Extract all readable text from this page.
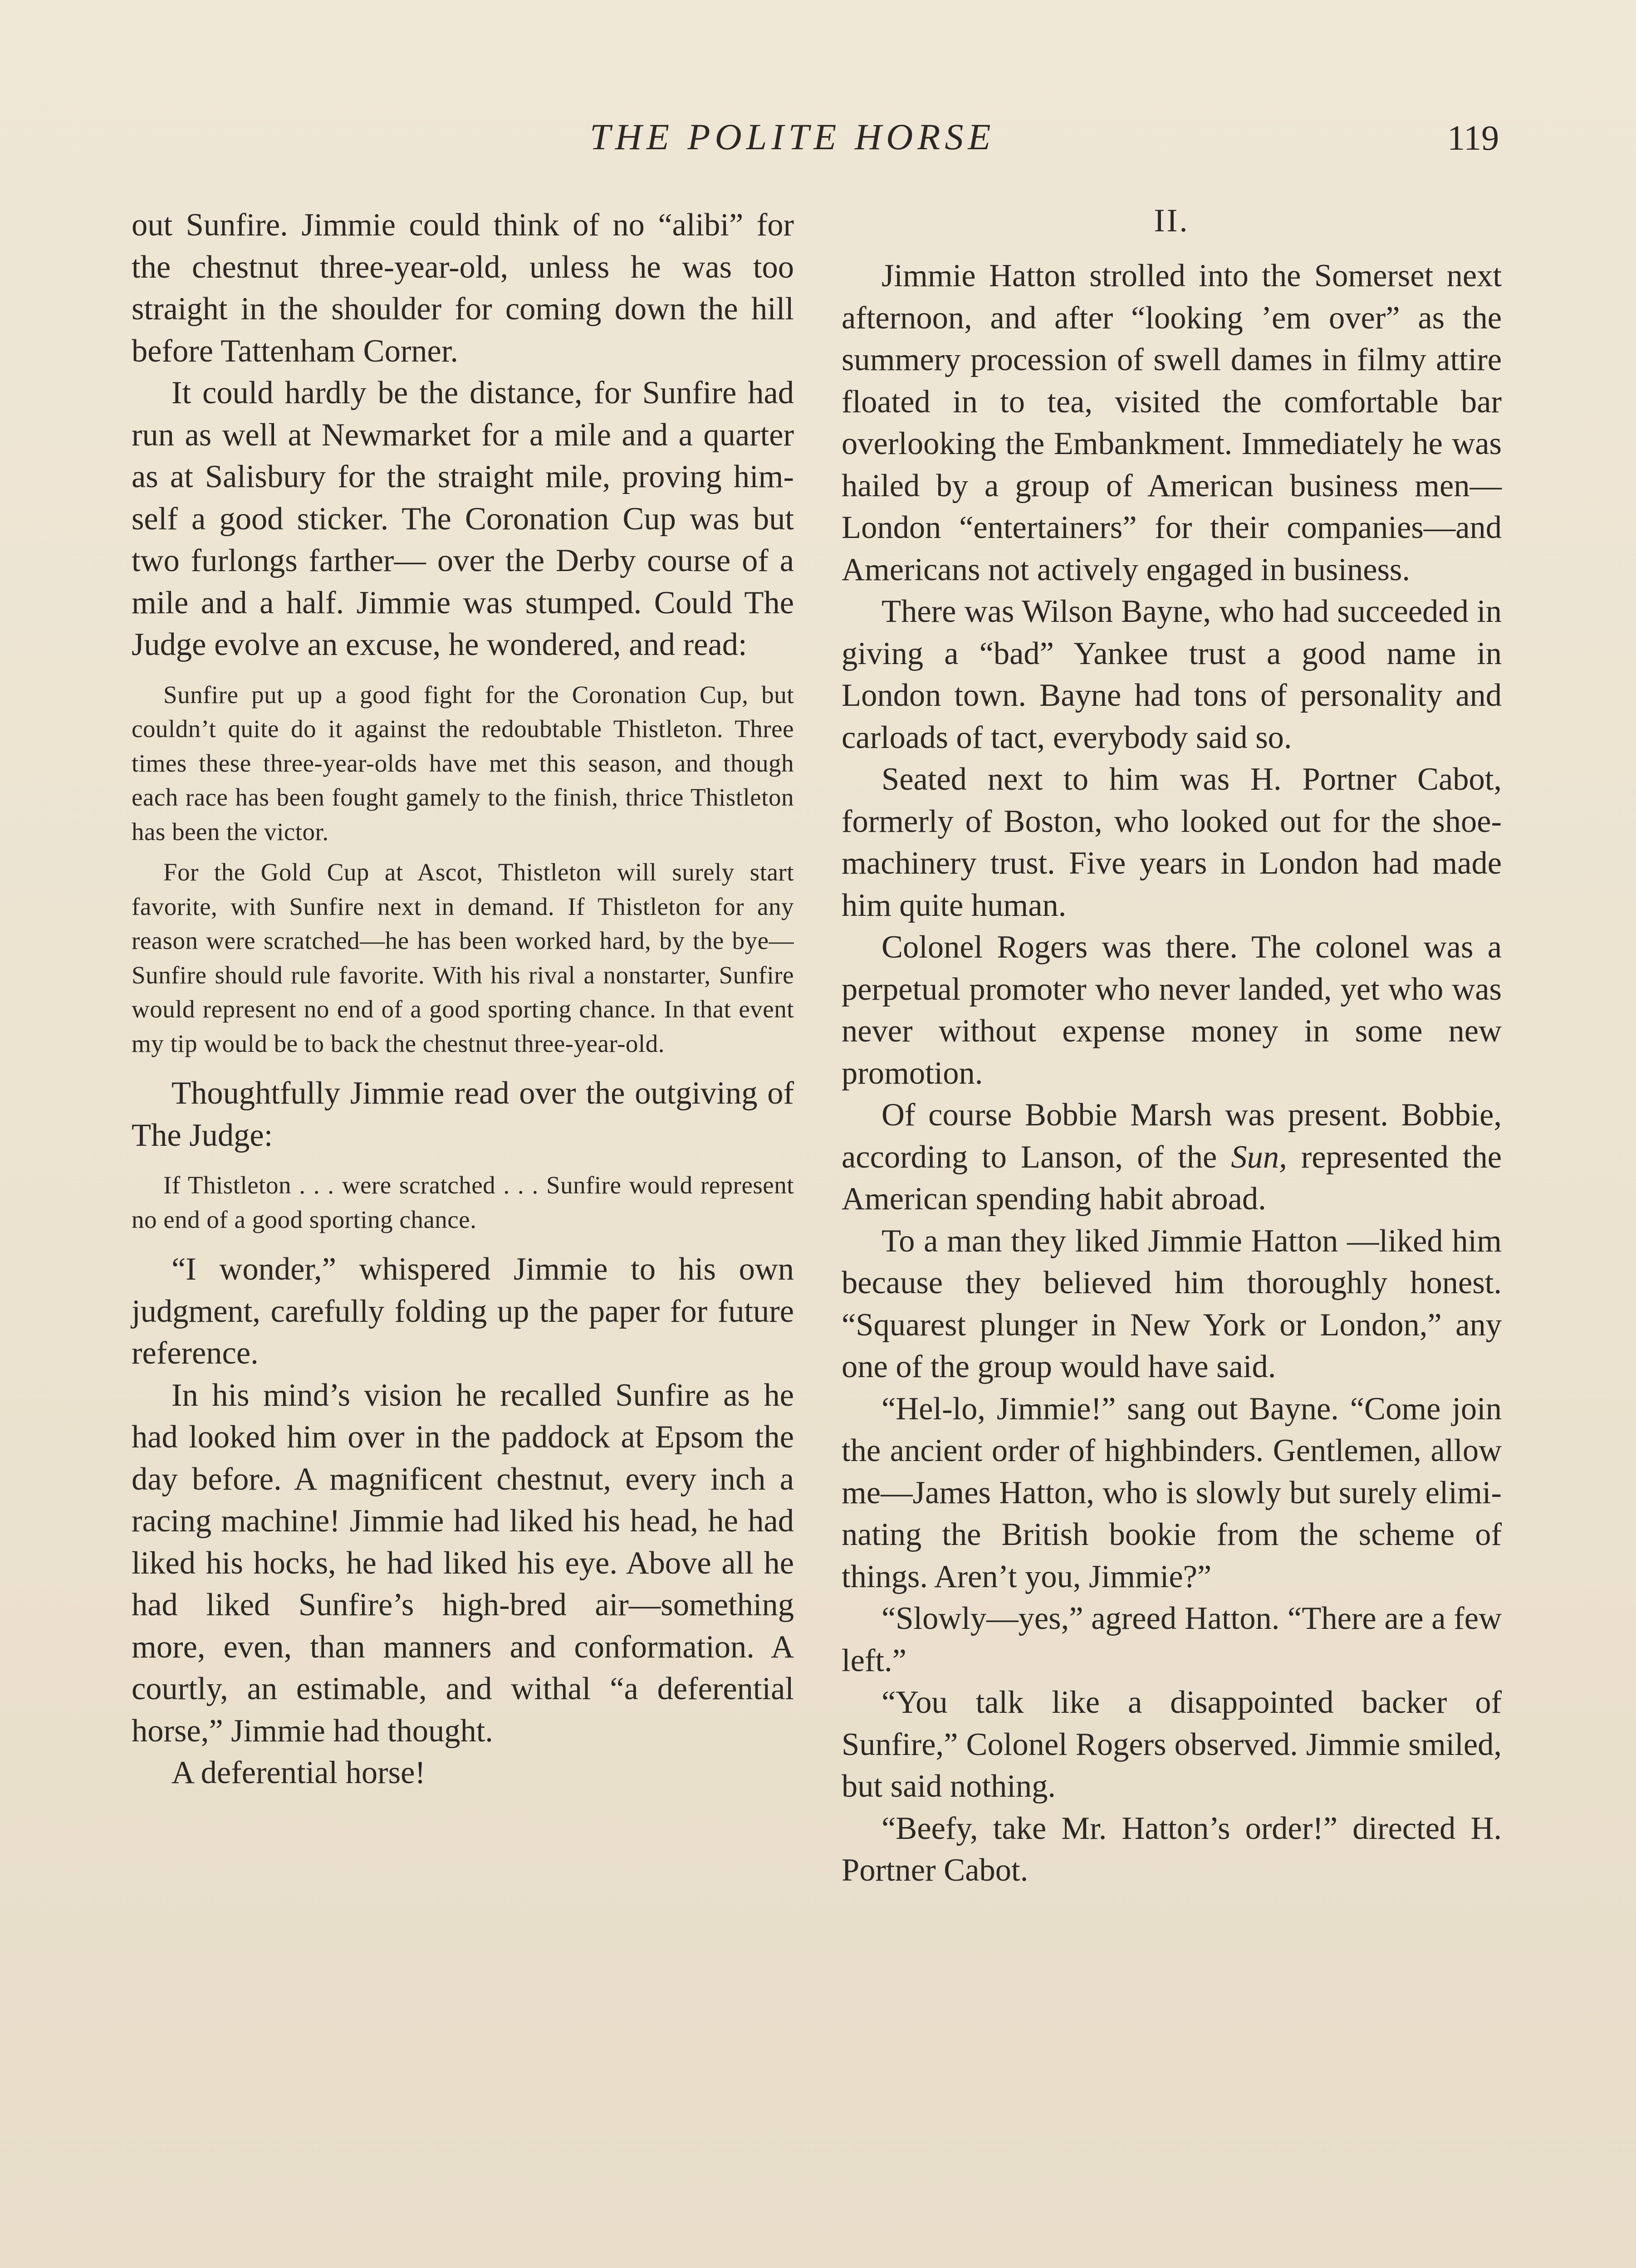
THE POLITE HORSE	119

out Sunfire. Jimmie could think of no “alibi” for the chestnut three-year-old, unless he was too straight in the shoulder for coming down the hill before Tattenham Corner.

It could hardly be the distance, for Sunfire had run as well at Newmarket for a mile and a quarter as at Salisbury for the straight mile, proving himself a good sticker. The Coronation Cup was but two furlongs farther— over the Derby course of a mile and a half. Jimmie was stumped. Could The Judge evolve an excuse, he wondered, and read:

Sunfire put up a good fight for the Coronation Cup, but couldn’t quite do it against the redoubtable Thistleton. Three times these three-year-olds have met this season, and though each race has been fought gamely to the finish, thrice Thistleton has been the victor.

For the Gold Cup at Ascot, Thistleton will surely start favorite, with Sunfire next in demand. If Thistleton for any reason were scratched—he has been worked hard, by the bye—Sunfire should rule favorite. With his rival a nonstarter, Sunfire would represent no end of a good sporting chance. In that event my tip would be to back the chestnut three-year-old.

Thoughtfully Jimmie read over the outgiving of The Judge:

If Thistleton . . . were scratched . . . Sunfire would represent no end of a good sporting chance.

“I wonder,” whispered Jimmie to his own judgment, carefully folding up the paper for future reference.

In his mind’s vision he recalled Sunfire as he had looked him over in the paddock at Epsom the day before. A magnificent chestnut, every inch a racing machine! Jimmie had liked his head, he had liked his hocks, he had liked his eye. Above all he had liked Sunfire’s high-bred air—something more, even, than manners and conformation. A courtly, an estimable, and withal “a deferential horse,” Jimmie had thought.

A deferential horse!

II.

Jimmie Hatton strolled into the Somerset next afternoon, and after “looking ’em over” as the summery procession of swell dames in filmy attire floated in to tea, visited the comfortable bar overlooking the Embankment. Immediately he was hailed by a group of American business men—London “entertainers” for their companies—and Americans not actively engaged in business.

There was Wilson Bayne, who had succeeded in giving a “bad” Yankee trust a good name in London town. Bayne had tons of personality and carloads of tact, everybody said so.

Seated next to him was H. Portner Cabot, formerly of Boston, who looked out for the shoe-machinery trust. Five years in London had made him quite human.

Colonel Rogers was there. The colonel was a perpetual promoter who never landed, yet who was never without expense money in some new promotion.

Of course Bobbie Marsh was present. Bobbie, according to Lanson, of the Sun, represented the American spending habit abroad.

To a man they liked Jimmie Hatton —liked him because they believed him thoroughly honest. “Squarest plunger in New York or London,” any one of the group would have said.

“Hel-lo, Jimmie!” sang out Bayne. “Come join the ancient order of highbinders. Gentlemen, allow me—James Hatton, who is slowly but surely eliminating the British bookie from the scheme of things. Aren’t you, Jimmie?”

“Slowly—yes,” agreed Hatton. “There are a few left.”

“You talk like a disappointed backer of Sunfire,” Colonel Rogers observed. Jimmie smiled, but said nothing.

“Beefy, take Mr. Hatton’s order!” directed H. Portner Cabot.
